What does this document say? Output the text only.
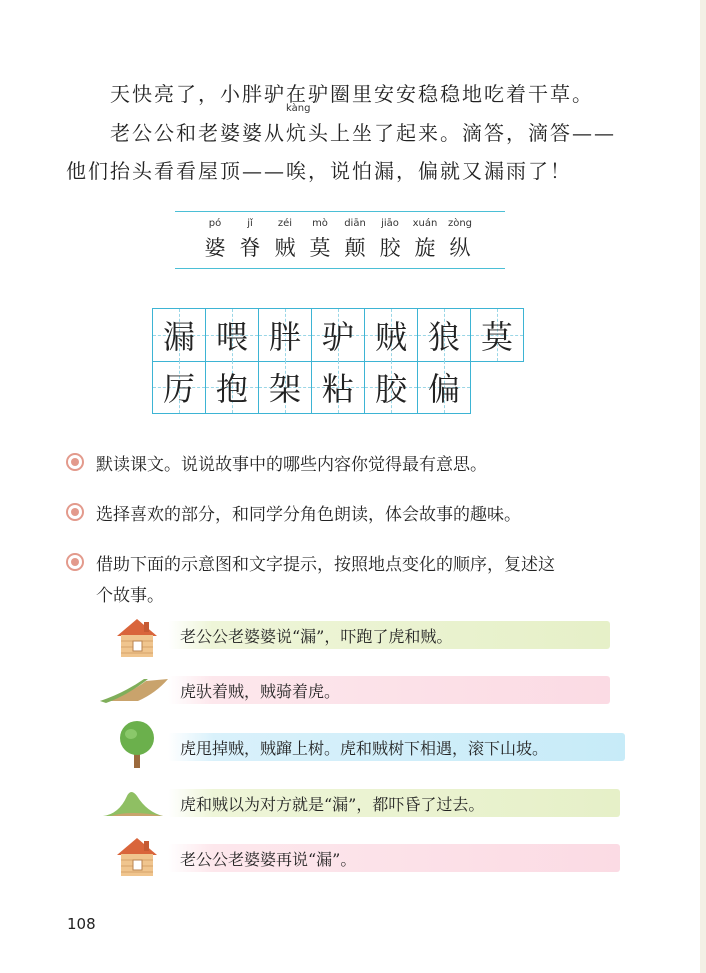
天快亮了，小胖驴在驴圈里安安稳稳地吃着干草。
kàng
老公公和老婆婆从炕头上坐了起来。滴答，滴答——
他们抬头看看屋顶——唉，说怕漏，偏就又漏雨了！
pó
婆
jǐ
脊
zéi
贼
mò
莫
diān
颠
jiāo
胶
xuán
旋
zòng
纵
漏 喂 胖 驴 贼 狼 莫
厉 抱 架 粘 胶 偏
默读课文。说说故事中的哪些内容你觉得最有意思。
选择喜欢的部分，和同学分角色朗读，体会故事的趣味。
借助下面的示意图和文字提示，按照地点变化的顺序，复述这
个故事。
老公公老婆婆说“漏”，吓跑了虎和贼。
虎驮着贼，贼骑着虎。
虎甩掉贼，贼蹿上树。虎和贼树下相遇，滚下山坡。
虎和贼以为对方就是“漏”，都吓昏了过去。
老公公老婆婆再说“漏”。
108
